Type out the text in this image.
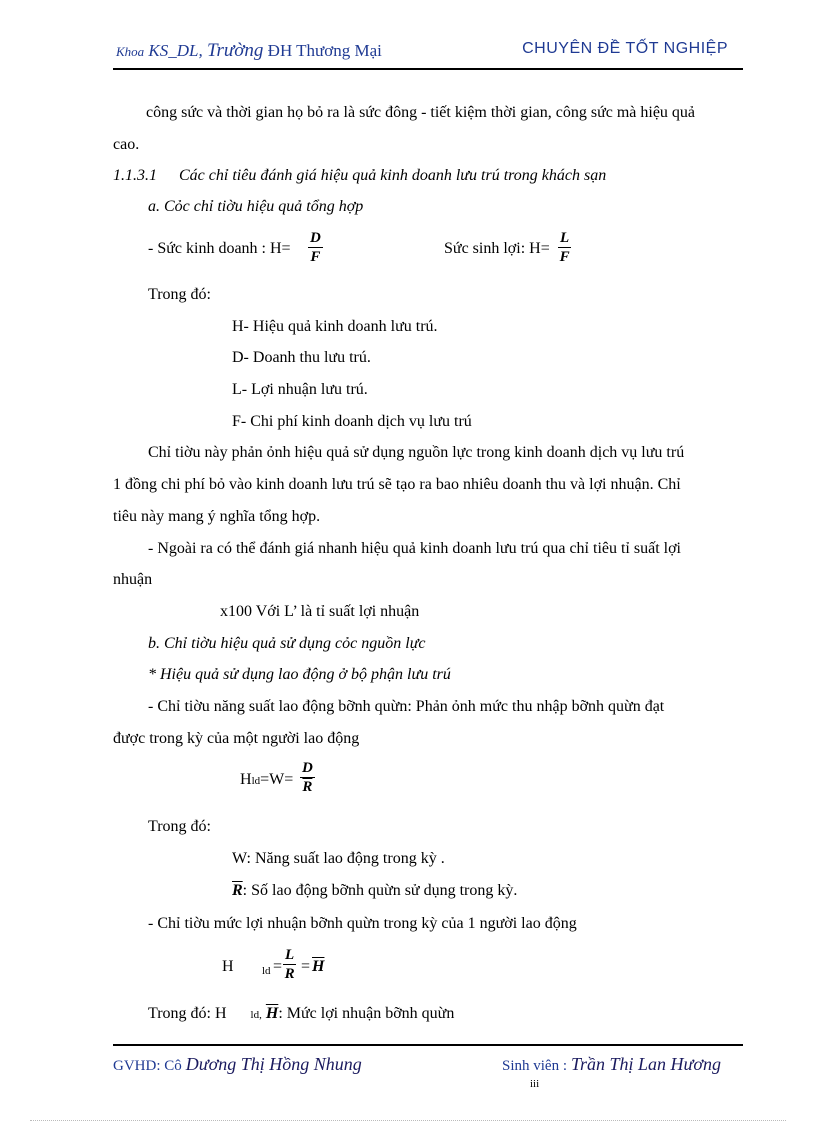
Khoa KS_DL, Trường ĐH Thương Mại	CHUYÊN ĐỀ TỐT NGHIỆP
công sức và thời gian họ bỏ ra là sức đông - tiết kiệm thời gian, công sức mà hiệu quả
cao.
1.1.3.1 Các chỉ tiêu đánh giá hiệu quả kinh doanh lưu trú trong khách sạn
a. Cỏc chỉ tiờu hiệu quả tổng hợp
- Sức kinh doanh : $H= \frac{D}{F}$	Sức sinh lợi: $H= \frac{L}{F}$
Trong đó:
H- Hiệu quả kinh doanh lưu trú.
D- Doanh thu lưu trú.
L- Lợi nhuận lưu trú.
F- Chi phí kinh doanh dịch vụ lưu trú
Chỉ tiờu này phản ỏnh hiệu quả sử dụng nguồn lực trong kinh doanh dịch vụ lưu trú
1 đồng chi phí bỏ vào kinh doanh lưu trú sẽ tạo ra bao nhiêu doanh thu và lợi nhuận. Chỉ
tiêu này mang ý nghĩa tổng hợp.
- Ngoài ra có thể đánh giá nhanh hiệu quả kinh doanh lưu trú qua chỉ tiêu tỉ suất lợi
nhuận
x100 Với L’ là tỉ suất lợi nhuận
b. Chỉ tiờu hiệu quả sử dụng cỏc nguồn lực
* Hiệu quả sử dụng lao động ở bộ phận lưu trú
- Chỉ tiờu năng suất lao động bỡnh quừn: Phản ỏnh mức thu nhập bỡnh quừn đạt
được trong kỳ của một người lao động
$Hld=W= \frac{D}{R}$
Trong đó:
W: Năng suất lao động trong kỳ .
$\overline{R}$: Số lao động bỡnh quừn sử dụng trong kỳ.
- Chỉ tiờu mức lợi nhuận bỡnh quừn trong kỳ của 1 người lao động
H	ld = $\frac{L}{R} = \overline{H}$
Trong đó: H ld, $\overline{H}$: Mức lợi nhuận bỡnh quừn
GVHD: Cô Dương Thị Hồng Nhung	Sinh viên : Trần Thị Lan Hương
iii
